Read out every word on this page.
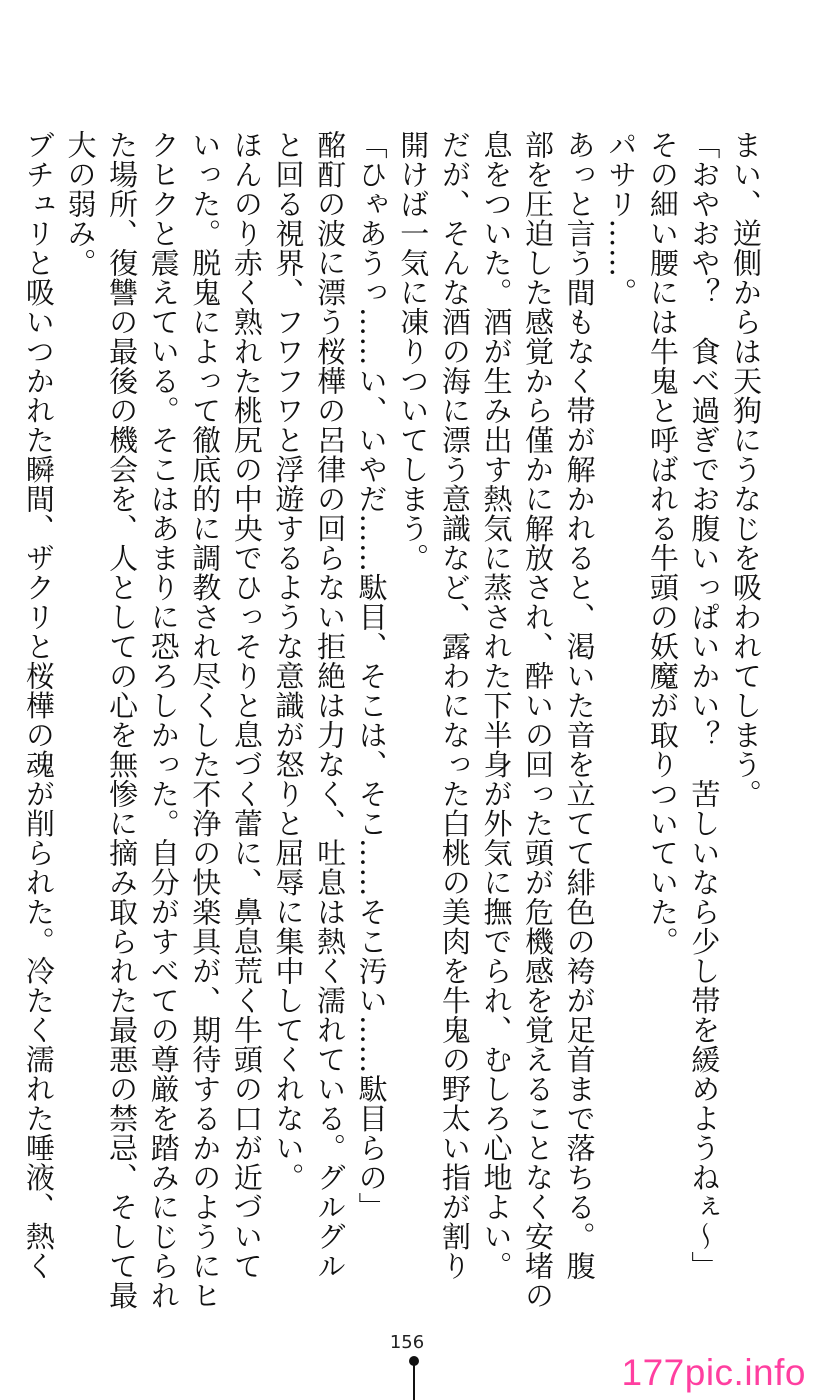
まい、逆側からは天狗にうなじを吸われてしまう。
「おやおや？　食べ過ぎでお腹いっぱいかい？　苦しいなら少し帯を緩めようねぇ～」
その細い腰には牛鬼と呼ばれる牛頭の妖魔が取りついていた。
パサリ……。
あっと言う間もなく帯が解かれると、渇いた音を立てて緋色の袴が足首まで落ちる。腹
部を圧迫した感覚から僅かに解放され、酔いの回った頭が危機感を覚えることなく安堵の
息をついた。酒が生み出す熱気に蒸された下半身が外気に撫でられ、むしろ心地よい。
だが、そんな酒の海に漂う意識など、露わになった白桃の美肉を牛鬼の野太い指が割り
開けば一気に凍りついてしまう。
「ひゃあうっ……い、いやだ……駄目、そこは、そこ……そこ汚い……駄目らの」
酩酊の波に漂う桜樺の呂律の回らない拒絶は力なく、吐息は熱く濡れている。グルグル
と回る視界、フワフワと浮遊するような意識が怒りと屈辱に集中してくれない。
ほんのり赤く熟れた桃尻の中央でひっそりと息づく蕾に、鼻息荒く牛頭の口が近づいて
いった。脱鬼によって徹底的に調教され尽くした不浄の快楽具が、期待するかのようにヒ
クヒクと震えている。そこはあまりに恐ろしかった。自分がすべての尊厳を踏みにじられ
た場所、復讐の最後の機会を、人としての心を無惨に摘み取られた最悪の禁忌、そして最
大の弱み。
ブチュリと吸いつかれた瞬間、ザクリと桜樺の魂が削られた。冷たく濡れた唾液、熱く
156
177pic.info
